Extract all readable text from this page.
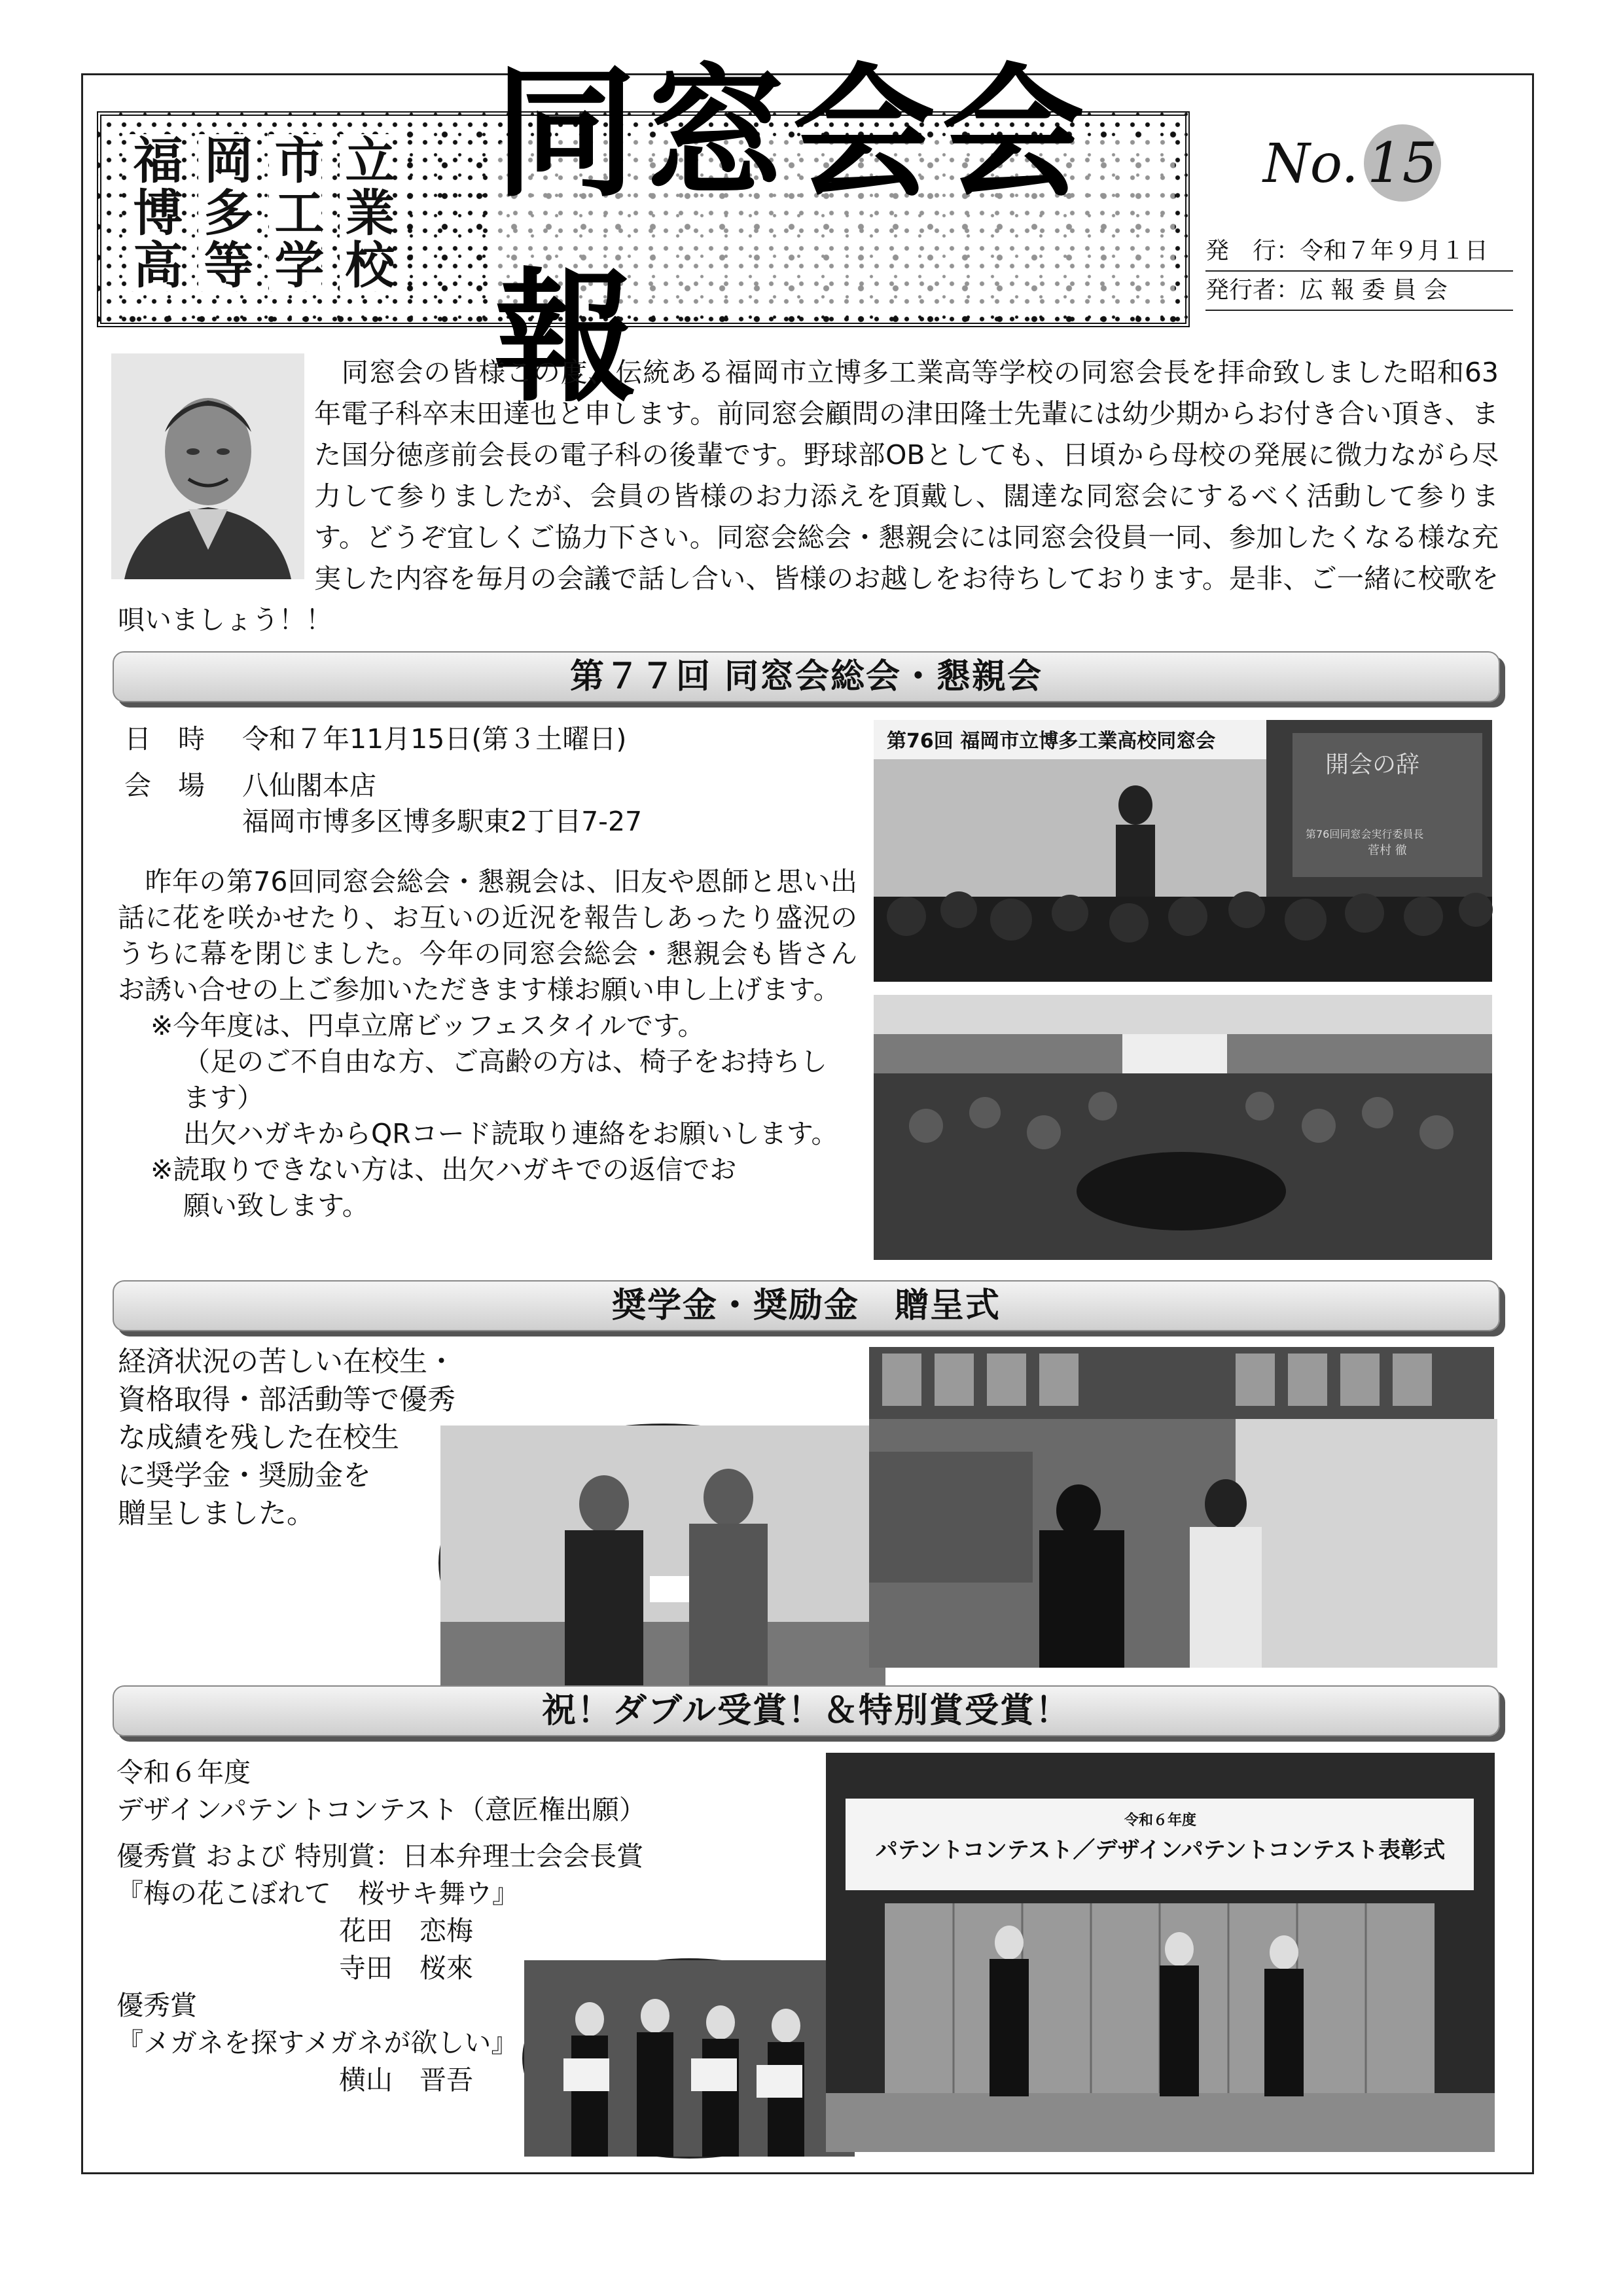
福博高 岡多等 市工学 立業校 同窓会会報
No. 15
発　行：令和７年９月１日
発行者：広 報 委 員 会
　同窓会の皆様この度、伝統ある福岡市立博多工業高等学校の同窓会長を拝命致しました昭和63年電子科卒末田達也と申します。前同窓会顧問の津田隆士先輩には幼少期からお付き合い頂き、また国分徳彦前会長の電子科の後輩です。野球部OBとしても、日頃から母校の発展に微力ながら尽力して参りましたが、会員の皆様のお力添えを頂戴し、闊達な同窓会にするべく活動して参ります。どうぞ宜しくご協力下さい。同窓会総会・懇親会には同窓会役員一同、参加したくなる様な充実した内容を毎月の会議で話し合い、皆様のお越しをお待ちしております。是非、ご一緒に校歌を唄いましょう！！
第７７回 同窓会総会・懇親会
日　時 令和７年11月15日(第３土曜日)
会　場 八仙閣本店
福岡市博多区博多駅東2丁目7-27
　昨年の第76回同窓会総会・懇親会は、旧友や恩師と思い出話に花を咲かせたり、お互いの近況を報告しあったり盛況のうちに幕を閉じました。今年の同窓会総会・懇親会も皆さんお誘い合せの上ご参加いただきます様お願い申し上げます。
※今年度は、円卓立席ビッフェスタイルです。
（足のご不自由な方、ご高齢の方は、椅子をお持ちし
ます）
出欠ハガキからQRコード読取り連絡をお願いします。
※読取りできない方は、出欠ハガキでの返信でお
願い致します。
第76回 福岡市立博多工業高校同窓会
開会の辞
第76回同窓会実行委員長
菅村 徹
奨学金・奨励金　贈呈式
経済状況の苦しい在校生・
資格取得・部活動等で優秀
な成績を残した在校生
に奨学金・奨励金を
贈呈しました。
祝！ダブル受賞！＆特別賞受賞！
令和６年度
デザインパテントコンテスト（意匠権出願）
優秀賞 および 特別賞：日本弁理士会会長賞
『梅の花こぼれて　桜サキ舞ウ』
花田　恋梅
寺田　桜來
優秀賞
『メガネを探すメガネが欲しい』
横山　晋吾
令和６年度
パテントコンテスト／デザインパテントコンテスト表彰式
